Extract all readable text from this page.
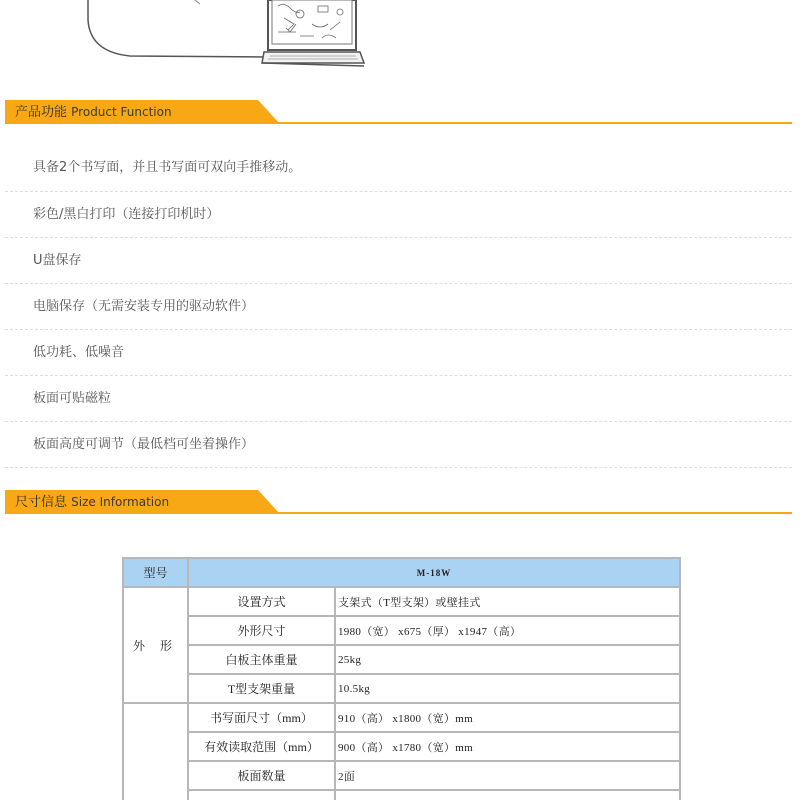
产品功能 Product Function
具备2个书写面，并且书写面可双向手推移动。
彩色/黑白打印（连接打印机时）
U盘保存
电脑保存（无需安装专用的驱动软件）
低功耗、低噪音
板面可贴磁粒
板面高度可调节（最低档可坐着操作）
尺寸信息 Size Information
型号	M-18W	
外 形	设置方式	支架式（T型支架）或壁挂式
	外形尺寸	1980（宽） x675（厚） x1947（高）
	白板主体重量	25kg
	T型支架重量	10.5kg
	书写面尺寸（mm）	910（高） x1800（宽）mm
	有效读取范围（mm）	900（高） x1780（宽）mm
	板面数量	2面
